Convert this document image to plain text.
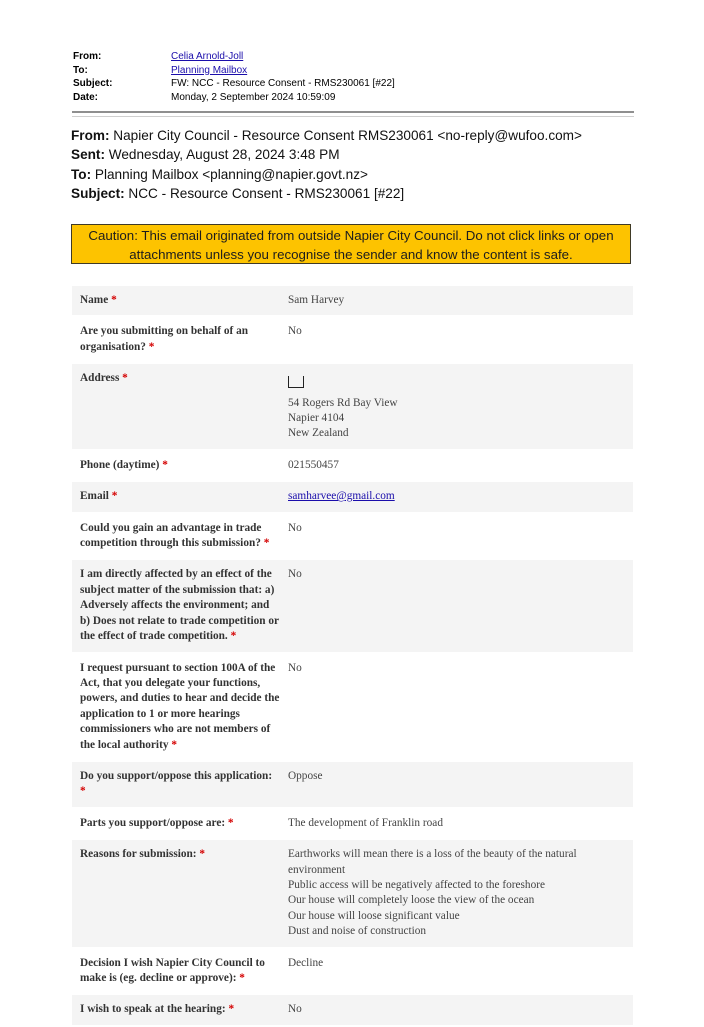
From:	Celia Arnold-Joll
To:	Planning Mailbox
Subject:	FW: NCC - Resource Consent - RMS230061 [#22]
Date:	Monday, 2 September 2024 10:59:09
From: Napier City Council - Resource Consent RMS230061 <no-reply@wufoo.com>
Sent: Wednesday, August 28, 2024 3:48 PM
To: Planning Mailbox <planning@napier.govt.nz>
Subject: NCC - Resource Consent - RMS230061 [#22]
Caution: This email originated from outside Napier City Council. Do not click links or open
attachments unless you recognise the sender and know the content is safe.
Name *	Sam Harvey
Are you submitting on behalf of an organisation? *
No
Address *
54 Rogers Rd Bay View
Napier 4104
New Zealand
Phone (daytime) *	021550457
Email *	samharvee@gmail.com
Could you gain an advantage in trade competition through this submission? *
No
I am directly affected by an effect of the subject matter of the submission that: a) Adversely affects the environment; and b) Does not relate to trade competition or the effect of trade competition. *
No
I request pursuant to section 100A of the Act, that you delegate your functions, powers, and duties to hear and decide the application to 1 or more hearings commissioners who are not members of the local authority *
No
Do you support/oppose this application: *
Oppose
Parts you support/oppose are: *	The development of Franklin road
Reasons for submission: *	Earthworks will mean there is a loss of the beauty of the natural environment
Public access will be negatively affected to the foreshore
Our house will completely loose the view of the ocean
Our house will loose significant value
Dust and noise of construction
Decision I wish Napier City Council to make is (eg. decline or approve): *
Decline
I wish to speak at the hearing: *	No
